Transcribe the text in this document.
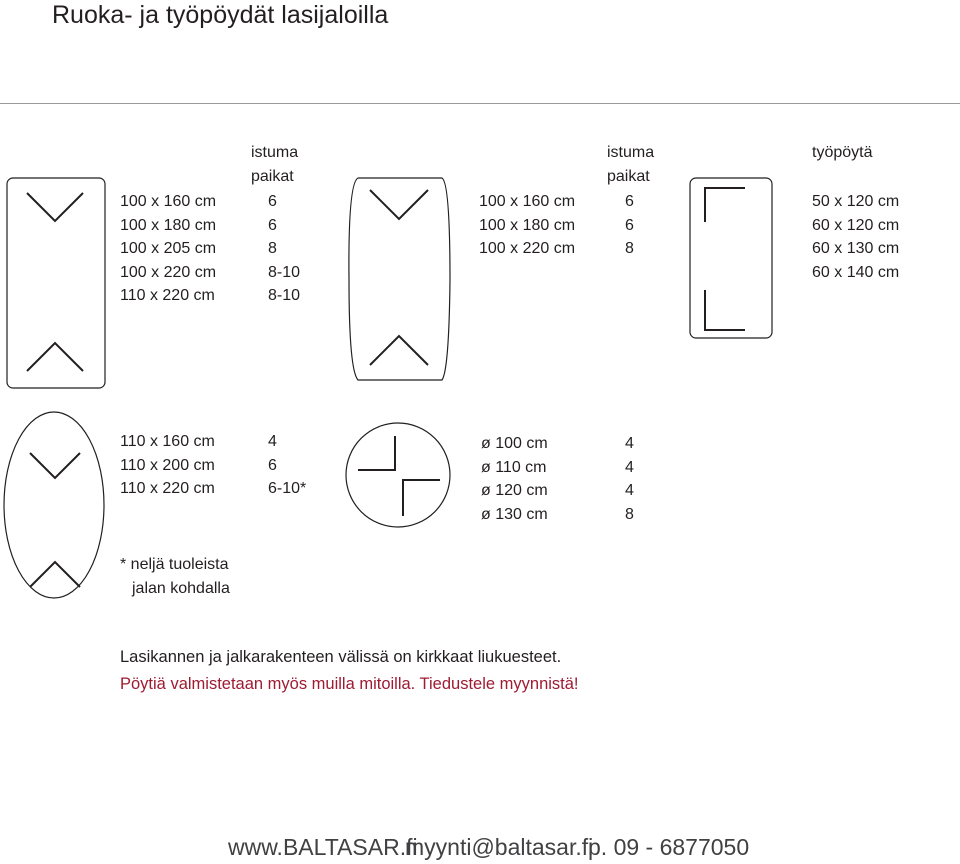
Ruoka- ja työpöydät lasijaloilla
istuma
paikat
100 x 160 cm
100 x 180 cm
100 x 205 cm
100 x 220 cm
110 x 220 cm
6
6
8
8-10
8-10
istuma
paikat
100 x 160 cm
100 x 180 cm
100 x 220 cm
6
6
8
työpöytä
50 x 120 cm
60 x 120 cm
60 x 130 cm
60 x 140 cm
110 x 160 cm
110 x 200 cm
110 x 220 cm
4
6
6-10*
* neljä tuoleista
jalan kohdalla
ø 100 cm
ø 110 cm
ø 120 cm
ø 130 cm
4
4
4
8
Lasikannen ja jalkarakenteen välissä on kirkkaat liukuesteet.
Pöytiä valmistetaan myös muilla mitoilla. Tiedustele myynnistä!
www.BALTASAR.fi
myynti@baltasar.fi
p. 09 - 6877050
